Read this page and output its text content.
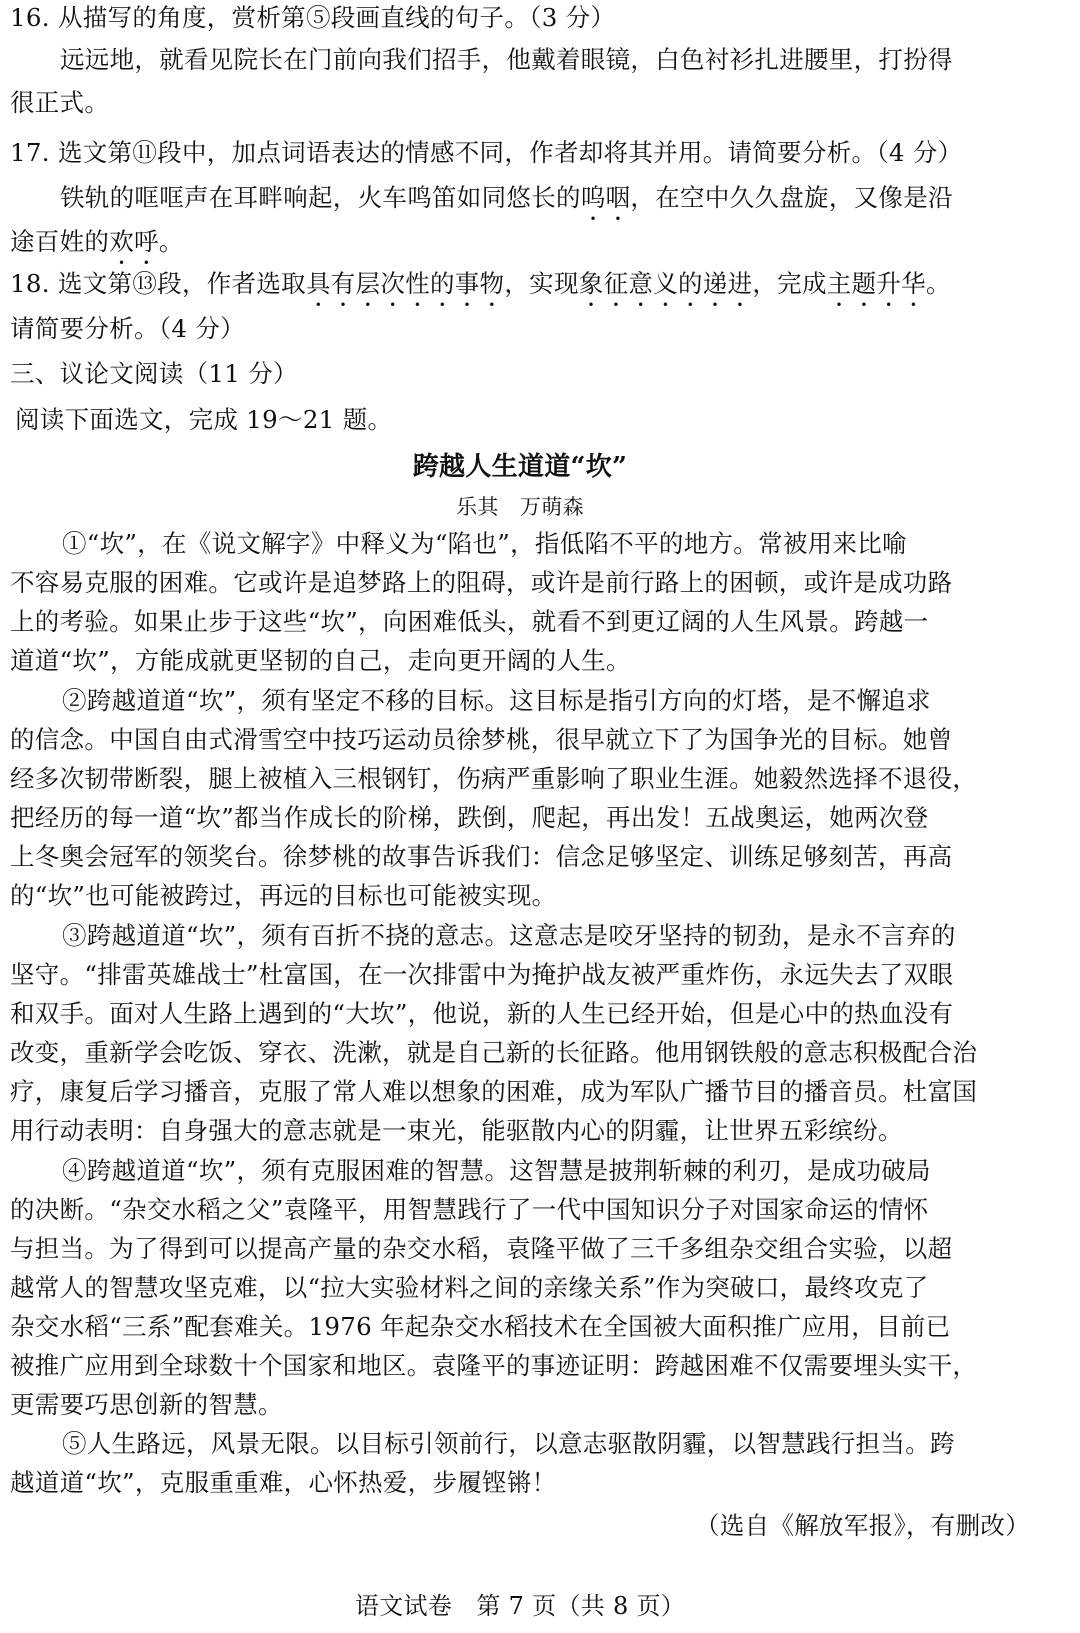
16. 从描写的角度，赏析第⑤段画直线的句子。（3 分）
远远地，就看见院长在门前向我们招手，他戴着眼镜，白色衬衫扎进腰里，打扮得
很正式。
17. 选文第⑪段中，加点词语表达的情感不同，作者却将其并用。请简要分析。（4 分）
铁轨的哐哐声在耳畔响起，火车鸣笛如同悠长的呜咽，在空中久久盘旋，又像是沿
途百姓的欢呼。
18. 选文第⑬段，作者选取具有层次性的事物，实现象征意义的递进，完成主题升华。
请简要分析。（4 分）
三、议论文阅读（11 分）
阅读下面选文，完成 19～21 题。
跨越人生道道“坎”
乐其　万萌森
①“坎”，在《说文解字》中释义为“陷也”，指低陷不平的地方。常被用来比喻
不容易克服的困难。它或许是追梦路上的阻碍，或许是前行路上的困顿，或许是成功路
上的考验。如果止步于这些“坎”，向困难低头，就看不到更辽阔的人生风景。跨越一
道道“坎”，方能成就更坚韧的自己，走向更开阔的人生。
②跨越道道“坎”，须有坚定不移的目标。这目标是指引方向的灯塔，是不懈追求
的信念。中国自由式滑雪空中技巧运动员徐梦桃，很早就立下了为国争光的目标。她曾
经多次韧带断裂，腿上被植入三根钢钉，伤病严重影响了职业生涯。她毅然选择不退役，
把经历的每一道“坎”都当作成长的阶梯，跌倒，爬起，再出发！五战奥运，她两次登
上冬奥会冠军的领奖台。徐梦桃的故事告诉我们：信念足够坚定、训练足够刻苦，再高
的“坎”也可能被跨过，再远的目标也可能被实现。
③跨越道道“坎”，须有百折不挠的意志。这意志是咬牙坚持的韧劲，是永不言弃的
坚守。“排雷英雄战士”杜富国，在一次排雷中为掩护战友被严重炸伤，永远失去了双眼
和双手。面对人生路上遇到的“大坎”，他说，新的人生已经开始，但是心中的热血没有
改变，重新学会吃饭、穿衣、洗漱，就是自己新的长征路。他用钢铁般的意志积极配合治
疗，康复后学习播音，克服了常人难以想象的困难，成为军队广播节目的播音员。杜富国
用行动表明：自身强大的意志就是一束光，能驱散内心的阴霾，让世界五彩缤纷。
④跨越道道“坎”，须有克服困难的智慧。这智慧是披荆斩棘的利刃，是成功破局
的决断。“杂交水稻之父”袁隆平，用智慧践行了一代中国知识分子对国家命运的情怀
与担当。为了得到可以提高产量的杂交水稻，袁隆平做了三千多组杂交组合实验，以超
越常人的智慧攻坚克难，以“拉大实验材料之间的亲缘关系”作为突破口，最终攻克了
杂交水稻“三系”配套难关。1976 年起杂交水稻技术在全国被大面积推广应用，目前已
被推广应用到全球数十个国家和地区。袁隆平的事迹证明：跨越困难不仅需要埋头实干，
更需要巧思创新的智慧。
⑤人生路远，风景无限。以目标引领前行，以意志驱散阴霾，以智慧践行担当。跨
越道道“坎”，克服重重难，心怀热爱，步履铿锵！
（选自《解放军报》，有删改）
语文试卷　第 7 页（共 8 页）
